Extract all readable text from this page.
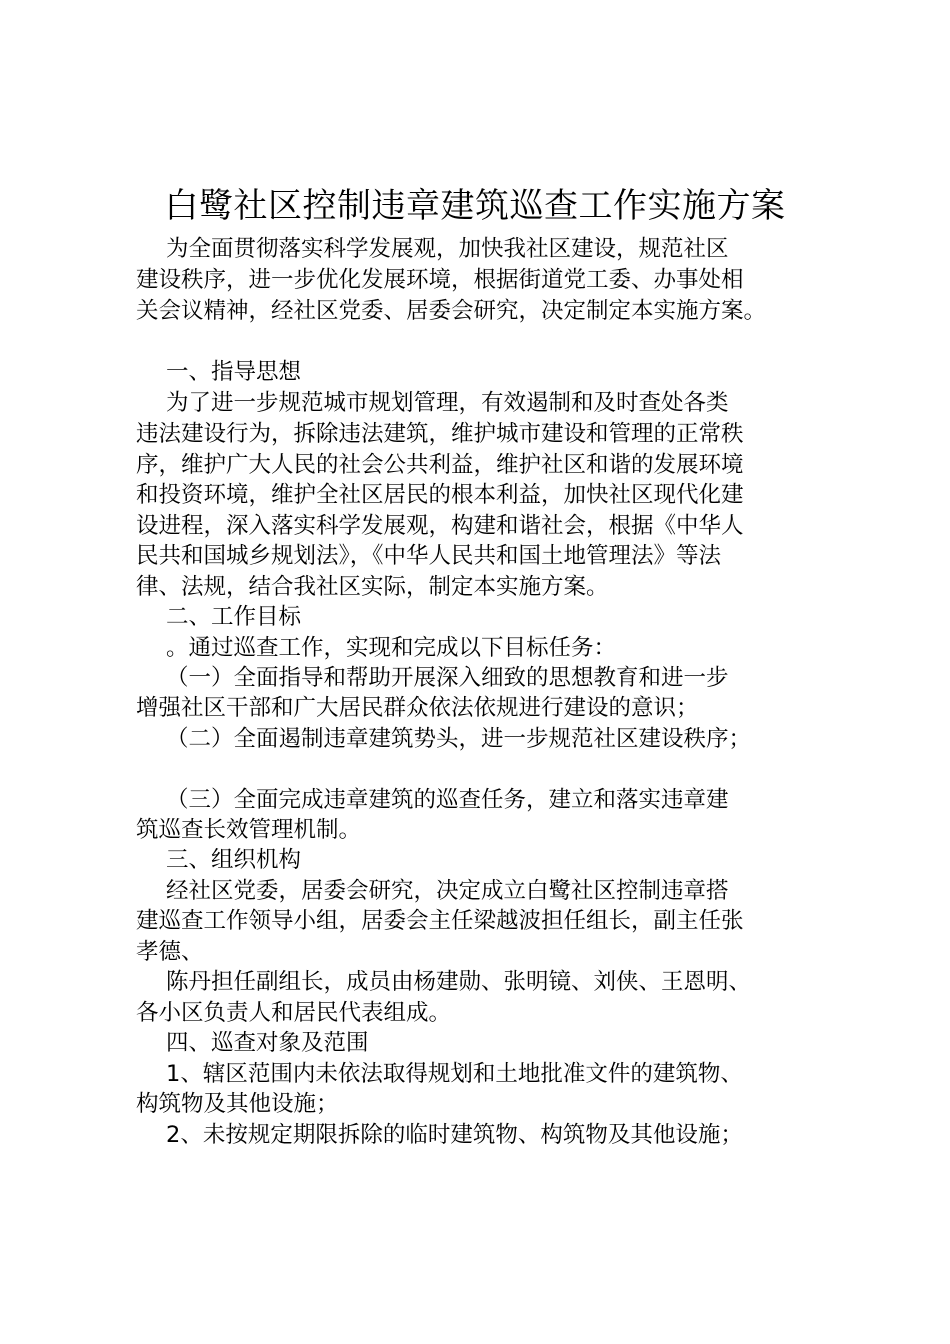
白鹭社区控制违章建筑巡查工作实施方案
为全面贯彻落实科学发展观，加快我社区建设，规范社区
建设秩序，进一步优化发展环境，根据街道党工委、办事处相
关会议精神，经社区党委、居委会研究，决定制定本实施方案。
一、指导思想
为了进一步规范城市规划管理，有效遏制和及时查处各类
违法建设行为，拆除违法建筑，维护城市建设和管理的正常秩
序，维护广大人民的社会公共利益，维护社区和谐的发展环境
和投资环境，维护全社区居民的根本利益，加快社区现代化建
设进程，深入落实科学发展观，构建和谐社会，根据《中华人
民共和国城乡规划法》，《中华人民共和国土地管理法》等法
律、法规，结合我社区实际，制定本实施方案。
二、工作目标
。通过巡查工作，实现和完成以下目标任务：
（一）全面指导和帮助开展深入细致的思想教育和进一步
增强社区干部和广大居民群众依法依规进行建设的意识；
（二）全面遏制违章建筑势头，进一步规范社区建设秩序；
（三）全面完成违章建筑的巡查任务，建立和落实违章建
筑巡查长效管理机制。
三、组织机构
经社区党委，居委会研究，决定成立白鹭社区控制违章搭
建巡查工作领导小组，居委会主任梁越波担任组长，副主任张
孝德、
陈丹担任副组长，成员由杨建勋、张明镜、刘侠、王恩明、
各小区负责人和居民代表组成。
四、巡查对象及范围
1、辖区范围内未依法取得规划和土地批准文件的建筑物、
构筑物及其他设施；
2、未按规定期限拆除的临时建筑物、构筑物及其他设施；
